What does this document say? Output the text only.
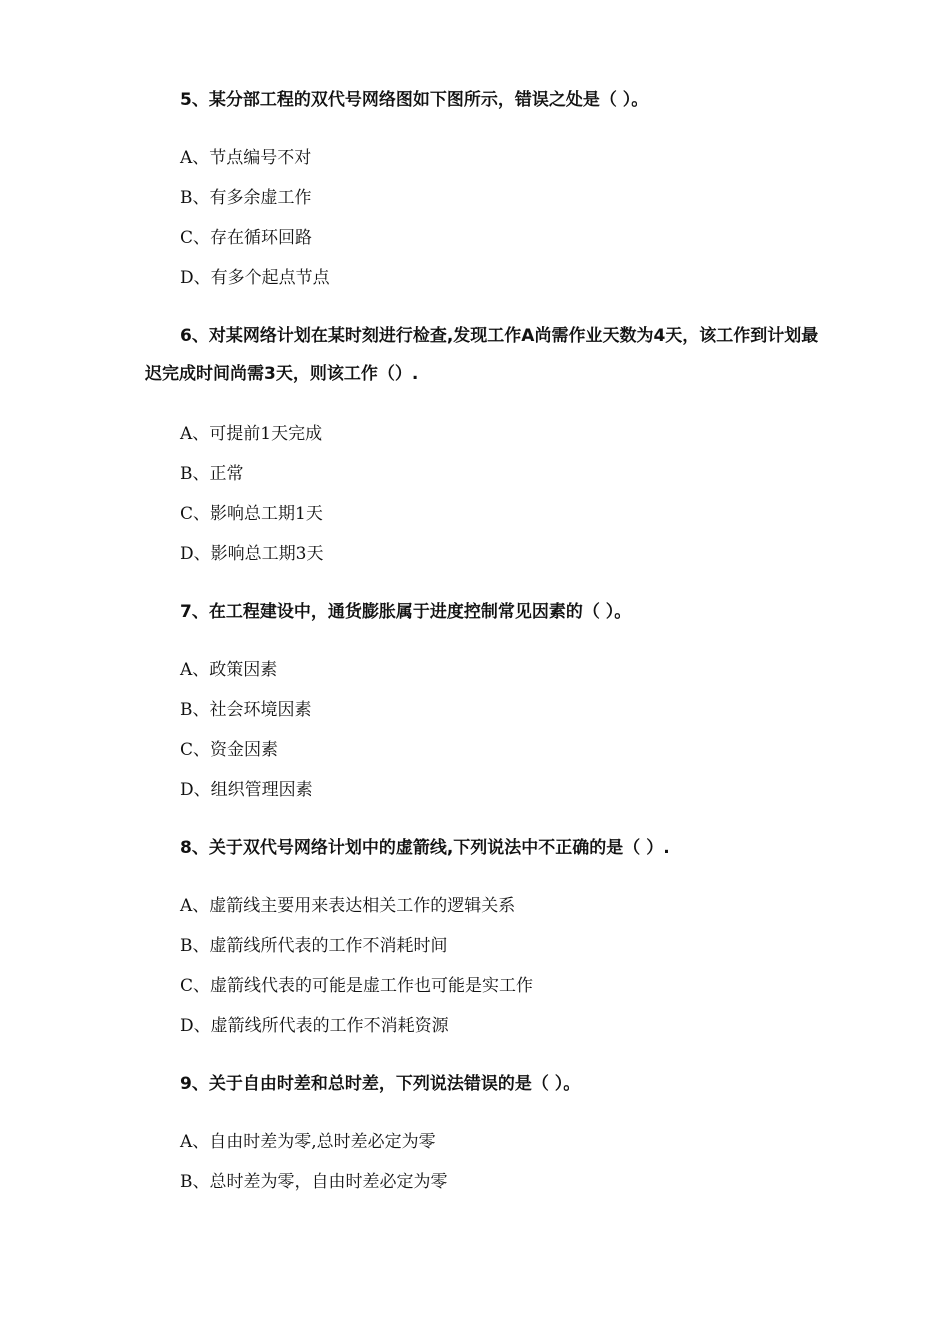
5、某分部工程的双代号网络图如下图所示，错误之处是（ ）。
A、节点编号不对
B、有多余虚工作
C、存在循环回路
D、有多个起点节点
6、对某网络计划在某时刻进行检查,发现工作A尚需作业天数为4天，该工作到计划最迟完成时间尚需3天，则该工作（）.
A、可提前1天完成
B、正常
C、影响总工期1天
D、影响总工期3天
7、在工程建设中，通货膨胀属于进度控制常见因素的（ ）。
A、政策因素
B、社会环境因素
C、资金因素
D、组织管理因素
8、关于双代号网络计划中的虚箭线,下列说法中不正确的是（ ）.
A、虚箭线主要用来表达相关工作的逻辑关系
B、虚箭线所代表的工作不消耗时间
C、虚箭线代表的可能是虚工作也可能是实工作
D、虚箭线所代表的工作不消耗资源
9、关于自由时差和总时差，下列说法错误的是（ ）。
A、自由时差为零,总时差必定为零
B、总时差为零，自由时差必定为零
